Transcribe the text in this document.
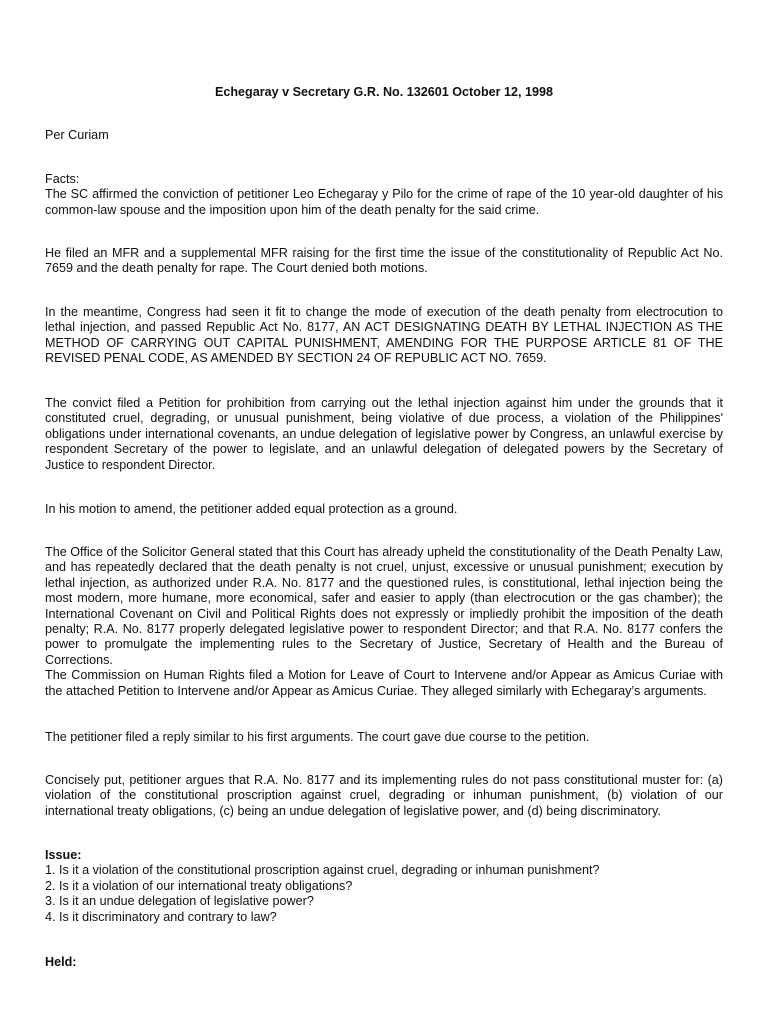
Echegaray v Secretary G.R. No. 132601 October 12, 1998

Per Curiam

Facts:
The SC affirmed the conviction of petitioner Leo Echegaray y Pilo for the crime of rape of the 10 year-old daughter of his common-law spouse and the imposition upon him of the death penalty for the said crime.

He filed an MFR and a supplemental MFR raising for the first time the issue of the constitutionality of Republic Act No. 7659 and the death penalty for rape. The Court denied both motions.

In the meantime, Congress had seen it fit to change the mode of execution of the death penalty from electrocution to lethal injection, and passed Republic Act No. 8177, AN ACT DESIGNATING DEATH BY LETHAL INJECTION AS THE METHOD OF CARRYING OUT CAPITAL PUNISHMENT, AMENDING FOR THE PURPOSE ARTICLE 81 OF THE REVISED PENAL CODE, AS AMENDED BY SECTION 24 OF REPUBLIC ACT NO. 7659.

The convict filed a Petition for prohibition from carrying out the lethal injection against him under the grounds that it constituted cruel, degrading, or unusual punishment, being violative of due process, a violation of the Philippines' obligations under international covenants, an undue delegation of legislative power by Congress, an unlawful exercise by respondent Secretary of the power to legislate, and an unlawful delegation of delegated powers by the Secretary of Justice to respondent Director.

In his motion to amend, the petitioner added equal protection as a ground.

The Office of the Solicitor General stated that this Court has already upheld the constitutionality of the Death Penalty Law, and has repeatedly declared that the death penalty is not cruel, unjust, excessive or unusual punishment; execution by lethal injection, as authorized under R.A. No. 8177 and the questioned rules, is constitutional, lethal injection being the most modern, more humane, more economical, safer and easier to apply (than electrocution or the gas chamber); the International Covenant on Civil and Political Rights does not expressly or impliedly prohibit the imposition of the death penalty; R.A. No. 8177 properly delegated legislative power to respondent Director; and that R.A. No. 8177 confers the power to promulgate the implementing rules to the Secretary of Justice, Secretary of Health and the Bureau of Corrections.
The Commission on Human Rights filed a Motion for Leave of Court to Intervene and/or Appear as Amicus Curiae with the attached Petition to Intervene and/or Appear as Amicus Curiae. They alleged similarly with Echegaray’s arguments.

The petitioner filed a reply similar to his first arguments. The court gave due course to the petition.

Concisely put, petitioner argues that R.A. No. 8177 and its implementing rules do not pass constitutional muster for: (a) violation of the constitutional proscription against cruel, degrading or inhuman punishment, (b) violation of our international treaty obligations, (c) being an undue delegation of legislative power, and (d) being discriminatory.

Issue:
1. Is it a violation of the constitutional proscription against cruel, degrading or inhuman punishment?
2. Is it a violation of our international treaty obligations?
3. Is it an undue delegation of legislative power?
4. Is it discriminatory and contrary to law?

Held:
